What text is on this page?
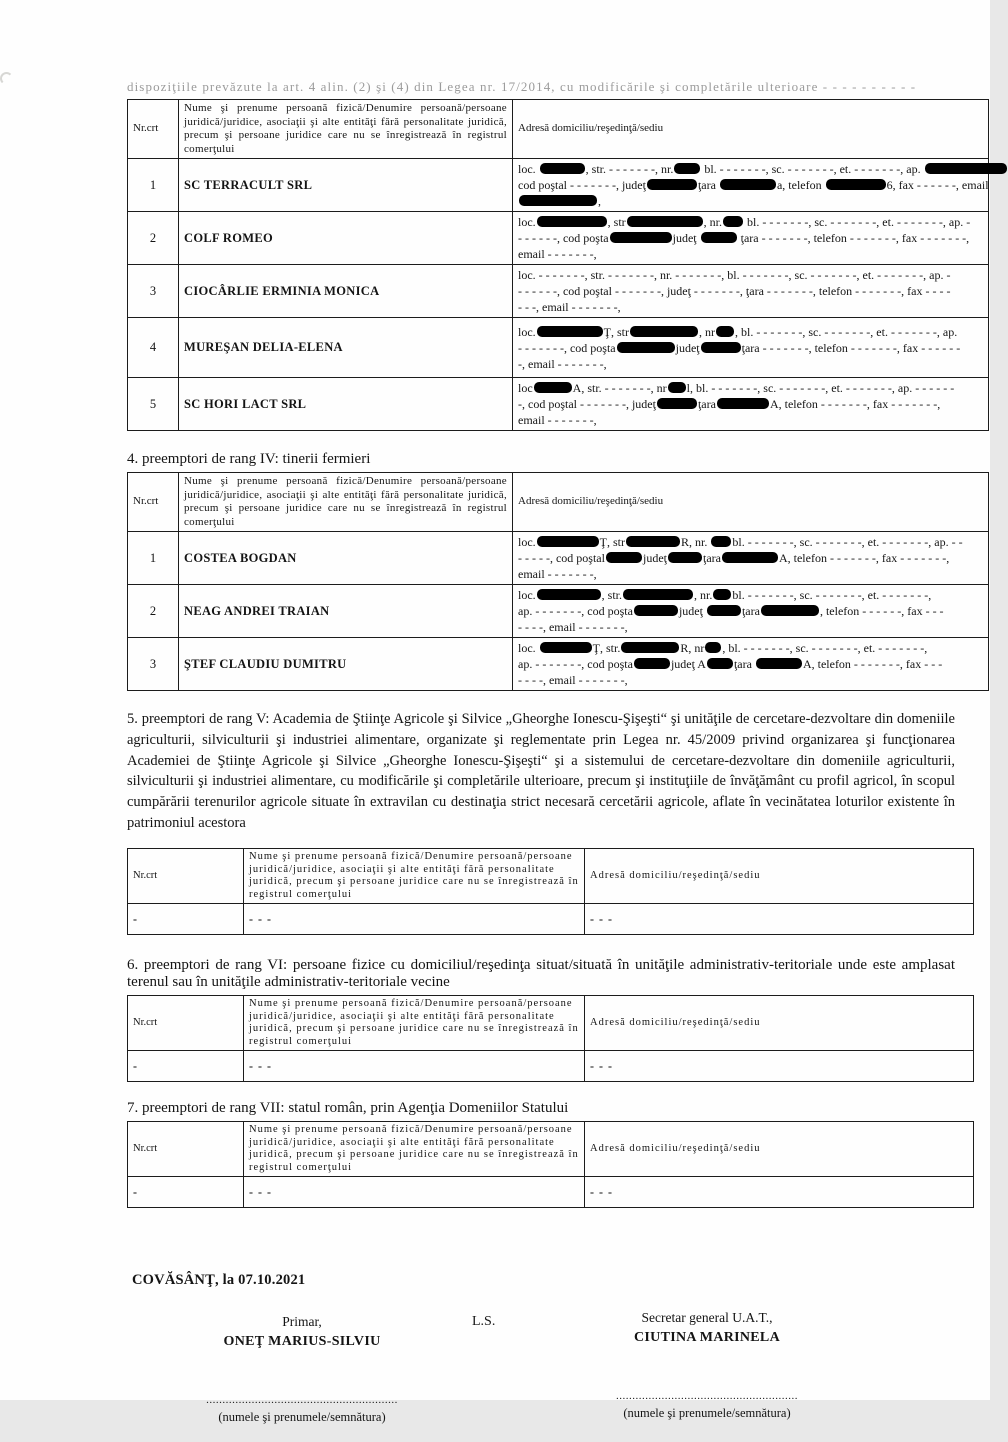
dispoziţiile prevăzute la art. 4 alin. (2) şi (4) din Legea nr. 17/2014, cu modificările şi completările ulterioare - - - - - - - - - -
Nr.crt	Nume şi prenume persoană fizică/Denumire persoană/persoane juridică/juridice, asociaţii şi alte entităţi fără personalitate juridică, precum şi persoane juridice care nu se înregistrează în registrul comerţului	Adresă domiciliu/reşedinţă/sediu
1	SC TERRACULT SRL	loc. , str. - - - - - - -, nr. bl. - - - - - - -, sc. - - - - - - -, et. - - - - - - -, ap.
cod poştal - - - - - - -, judeţ ţara a, telefon 6, fax - - - - - -, email
,

2	COLF ROMEO	loc. , str , nr. bl. - - - - - - -, sc. - - - - - - -, et. - - - - - - -, ap. -
- - - - - -, cod poşta judeţ ţara - - - - - - -, telefon - - - - - - -, fax - - - - - - -,
email - - - - - - -,

3	CIOCÂRLIE ERMINIA MONICA	loc. - - - - - - -, str. - - - - - - -, nr. - - - - - - -, bl. - - - - - - -, sc. - - - - - - -, et. - - - - - - -, ap. -
- - - - - -, cod poştal - - - - - - -, judeţ - - - - - - -, ţara - - - - - - -, telefon - - - - - - -, fax - - - -
- - -, email - - - - - - -,

4	MUREŞAN DELIA-ELENA	loc. Ţ, str , nr , bl. - - - - - - -, sc. - - - - - - -, et. - - - - - - -, ap.
- - - - - - -, cod poşta judeţ ţara - - - - - - -, telefon - - - - - - -, fax - - - - - -
-, email - - - - - - -,

5	SC HORI LACT SRL	loc A, str. - - - - - - -, nr l, bl. - - - - - - -, sc. - - - - - - -, et. - - - - - - -, ap. - - - - - -
-, cod poştal - - - - - - -, judeţ ţara A, telefon - - - - - - -, fax - - - - - - -,
email - - - - - - -,
4. preemptori de rang IV: tinerii fermieri
Nr.crt	Nume şi prenume persoană fizică/Denumire persoană/persoane juridică/juridice, asociaţii şi alte entităţi fără personalitate juridică, precum şi persoane juridice care nu se înregistrează în registrul comerţului	Adresă domiciliu/reşedinţă/sediu
1	COSTEA BOGDAN	loc. Ţ, str R, nr. bl. - - - - - - -, sc. - - - - - - -, et. - - - - - - -, ap. - -
- - - - -, cod poştal judeţ ţara A, telefon - - - - - - -, fax - - - - - - -,
email - - - - - - -,

2	NEAG ANDREI TRAIAN	loc. , str. , nr. bl. - - - - - - -, sc. - - - - - - -, et. - - - - - - -,
ap. - - - - - - -, cod poşta judeţ ţara , telefon - - - - - -, fax - - -
- - - -, email - - - - - - -,

3	ŞTEF CLAUDIU DUMITRU	loc. Ţ, str. R, nr , bl. - - - - - - -, sc. - - - - - - -, et. - - - - - - -,
ap. - - - - - - -, cod poşta judeţ A ţara A, telefon - - - - - - -, fax - - -
- - - -, email - - - - - - -,

5. preemptori de rang V: Academia de Ştiinţe Agricole şi Silvice „Gheorghe Ionescu-Şişeşti“ şi unităţile de cercetare-dezvoltare din domeniile agriculturii, silviculturii şi industriei alimentare, organizate şi reglementate prin Legea nr. 45/2009 privind organizarea şi funcţionarea Academiei de Ştiinţe Agricole şi Silvice „Gheorghe Ionescu-Şişeşti“ şi a sistemului de cercetare-dezvoltare din domeniile agriculturii, silviculturii şi industriei alimentare, cu modificările şi completările ulterioare, precum şi instituţiile de învăţământ cu profil agricol, în scopul cumpărării terenurilor agricole situate în extravilan cu destinaţia strict necesară cercetării agricole, aflate în vecinătatea loturilor existente în patrimoniul acestora

Nr.crt	Nume şi prenume persoană fizică/Denumire persoană/persoane juridică/juridice, asociaţii şi alte entităţi fără personalitate juridică, precum şi persoane juridice care nu se înregistrează în registrul comerţului	Adresă domiciliu/reşedinţă/sediu
-	- - -	- - -
6. preemptori de rang VI: persoane fizice cu domiciliul/reşedinţa situat/situată în unităţile administrativ-teritoriale unde este amplasat terenul sau în unităţile administrativ-teritoriale vecine
Nr.crt	Nume şi prenume persoană fizică/Denumire persoană/persoane juridică/juridice, asociaţii şi alte entităţi fără personalitate juridică, precum şi persoane juridice care nu se înregistrează în registrul comerţului	Adresă domiciliu/reşedinţă/sediu
-	- - -	- - -
7. preemptori de rang VII: statul român, prin Agenţia Domeniilor Statului
Nr.crt	Nume şi prenume persoană fizică/Denumire persoană/persoane juridică/juridice, asociaţii şi alte entităţi fără personalitate juridică, precum şi persoane juridice care nu se înregistrează în registrul comerţului	Adresă domiciliu/reşedinţă/sediu
-	- - -	- - -
COVĂSÂNŢ, la 07.10.2021
Primar,
ONEŢ MARIUS-SILVIU
...........................................................
(numele şi prenumele/semnătura)
L.S.	Secretar general U.A.T.,
CIUTINA MARINELA
........................................................
(numele şi prenumele/semnătura)
